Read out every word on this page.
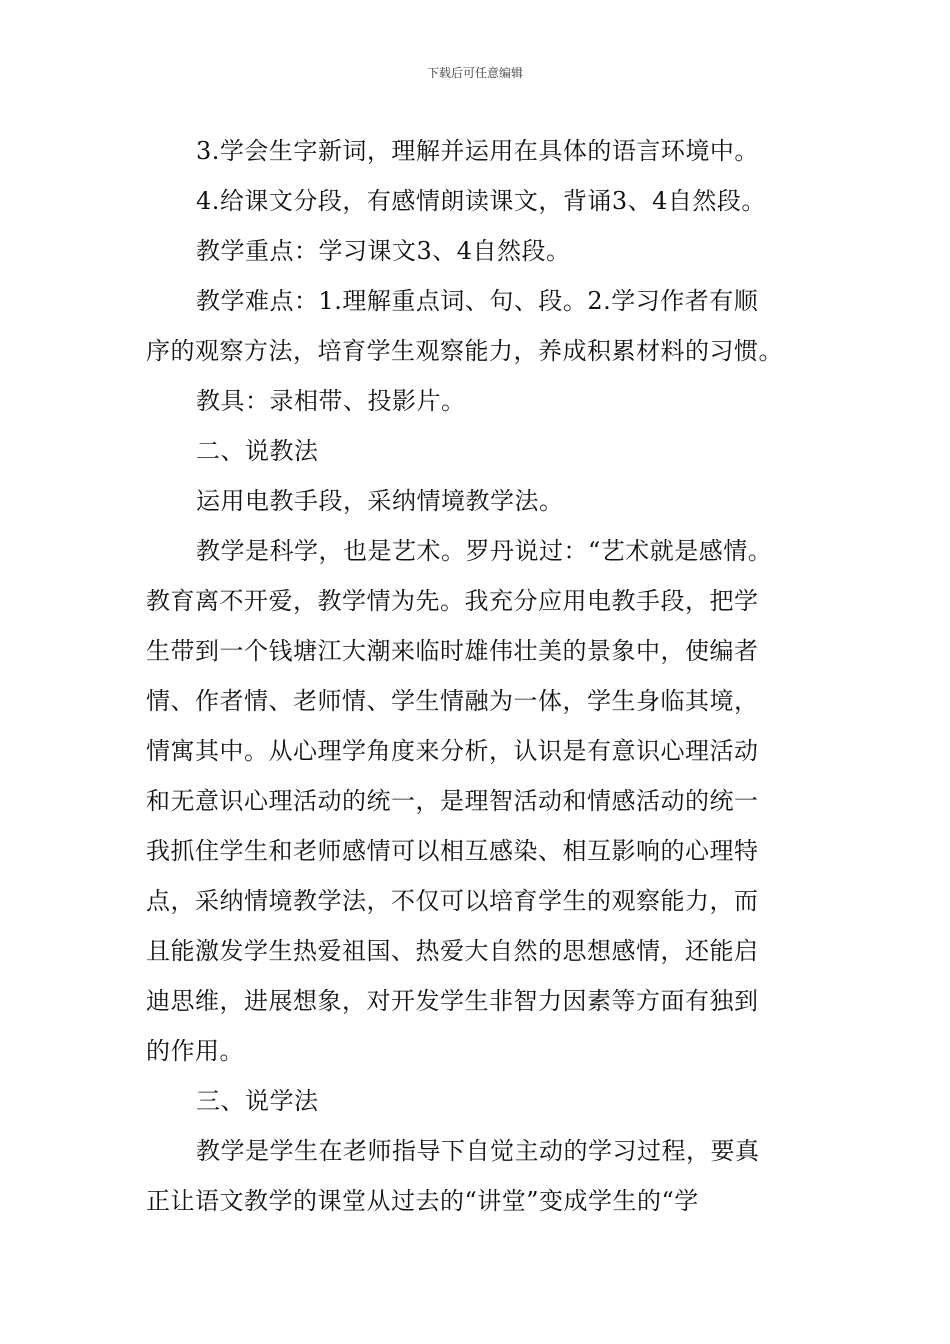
下载后可任意编辑
3.学会生字新词，理解并运用在具体的语言环境中。
4.给课文分段，有感情朗读课文，背诵3、4自然段。
教学重点：学习课文3、4自然段。
教学难点：1.理解重点词、句、段。2.学习作者有顺
序的观察方法，培育学生观察能力，养成积累材料的习惯。
教具：录相带、投影片。
二、说教法
运用电教手段，采纳情境教学法。
教学是科学，也是艺术。罗丹说过：“艺术就是感情。
教育离不开爱，教学情为先。我充分应用电教手段，把学
生带到一个钱塘江大潮来临时雄伟壮美的景象中，使编者
情、作者情、老师情、学生情融为一体，学生身临其境，
情寓其中。从心理学角度来分析，认识是有意识心理活动
和无意识心理活动的统一，是理智活动和情感活动的统一
我抓住学生和老师感情可以相互感染、相互影响的心理特
点，采纳情境教学法，不仅可以培育学生的观察能力，而
且能激发学生热爱祖国、热爱大自然的思想感情，还能启
迪思维，进展想象，对开发学生非智力因素等方面有独到
的作用。
三、说学法
教学是学生在老师指导下自觉主动的学习过程，要真
正让语文教学的课堂从过去的“讲堂”变成学生的“学
